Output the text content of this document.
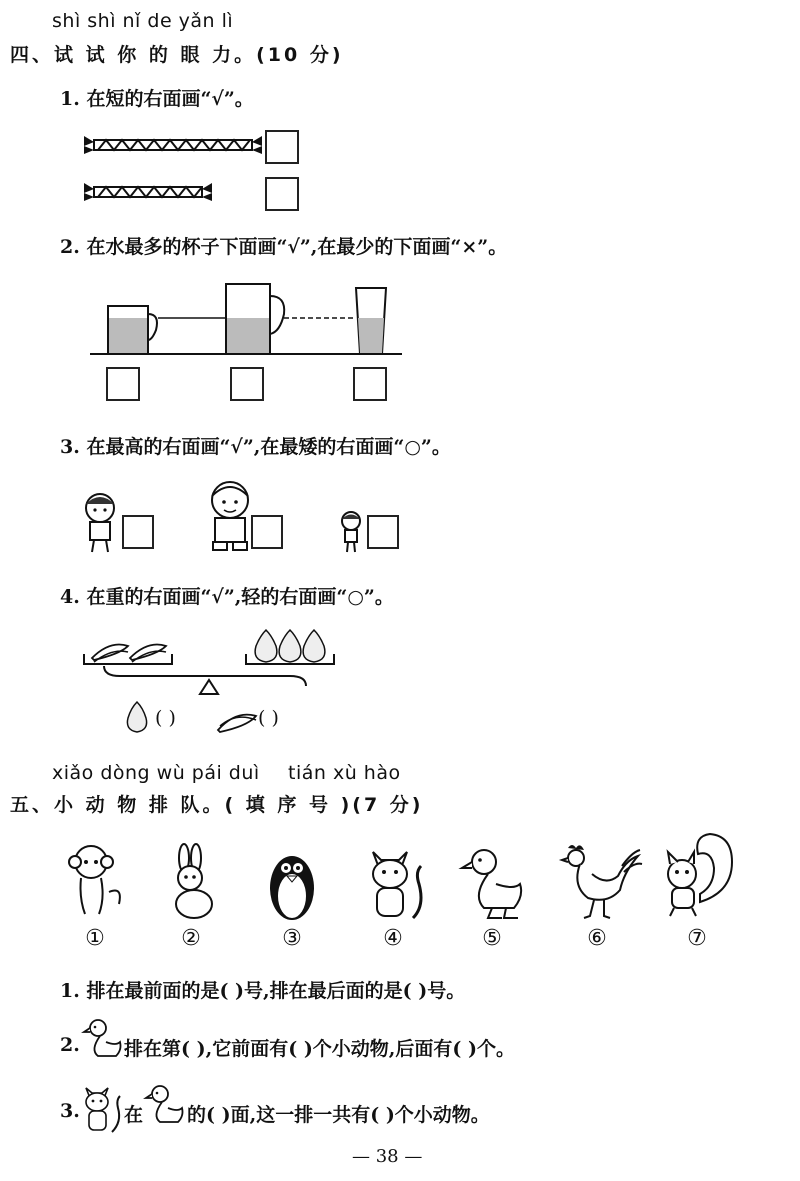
shì shì nǐ de yǎn lì
四、试 试 你 的 眼 力。(10 分)
1. 在短的右面画“√”。
2. 在水最多的杯子下面画“√”,在最少的下面画“×”。
3. 在最高的右面画“√”,在最矮的右面画“○”。
4. 在重的右面画“√”,轻的右面画“○”。
( )	( )
xiǎo dòng wù pái duì tián xù hào
五、小 动 物 排 队。( 填 序 号 )(7 分)
①	②	③	④	⑤	⑥	⑦
1. 排在最前面的是( )号,排在最后面的是( )号。
2. 排在第( ),它前面有( )个小动物,后面有( )个。
3. 在 的( )面,这一排一共有( )个小动物。
— 38 —
